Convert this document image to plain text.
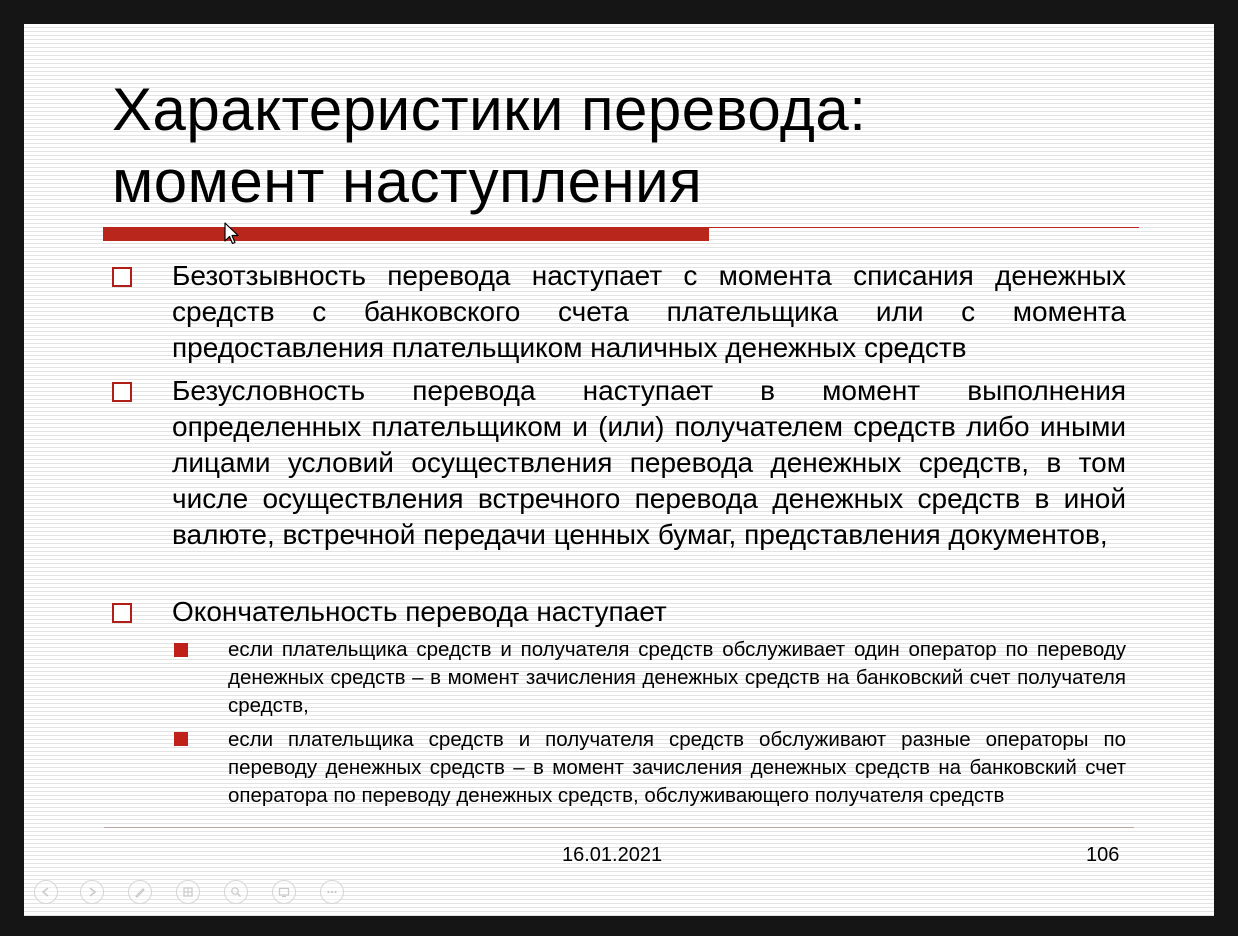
Характеристики перевода:
момент наступления
Безотзывность перевода наступает с момента списания денежных средств с банковского счета плательщика или с момента предоставления плательщиком наличных денежных средств
Безусловность перевода наступает в момент выполнения определенных плательщиком и (или) получателем средств либо иными лицами условий осуществления перевода денежных средств, в том числе осуществления встречного перевода денежных средств в иной валюте, встречной передачи ценных бумаг, представления документов,
Окончательность перевода наступает
если плательщика средств и получателя средств обслуживает один оператор по переводу денежных средств – в момент зачисления денежных средств на банковский счет получателя средств,
если плательщика средств и получателя средств обслуживают разные операторы по переводу денежных средств – в момент зачисления денежных средств на банковский счет оператора по переводу денежных средств, обслуживающего получателя средств
16.01.2021	106
